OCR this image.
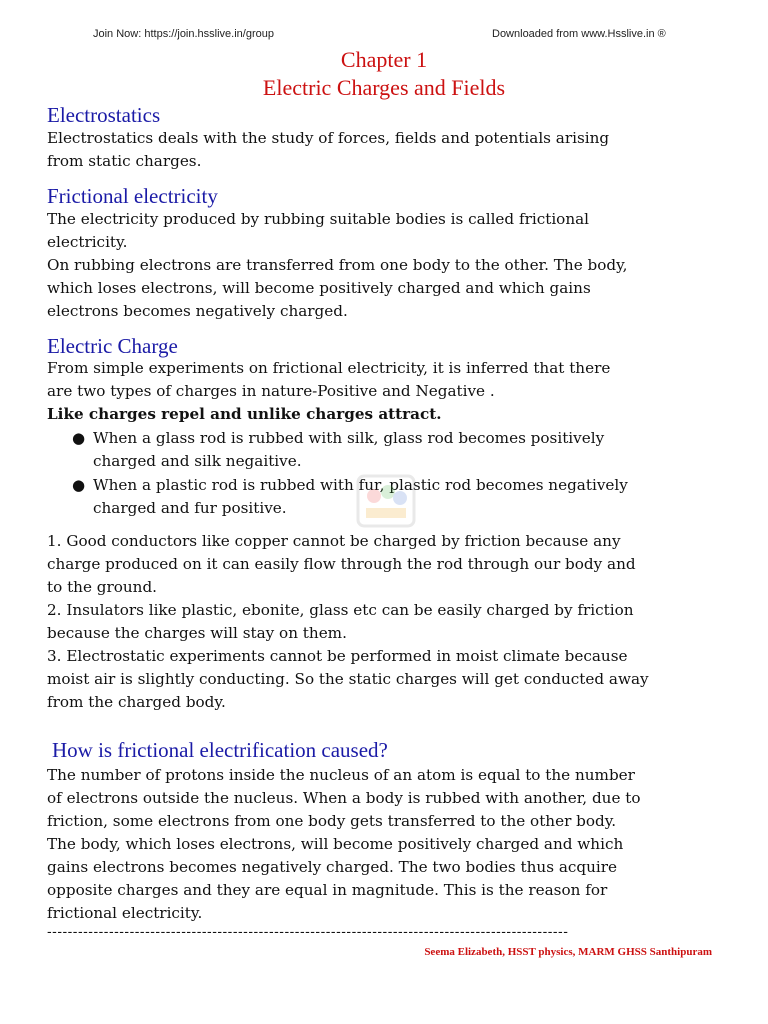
Join Now: https://join.hsslive.in/group	Downloaded from www.Hsslive.in ®
Chapter 1
Electric Charges and Fields
Electrostatics
Electrostatics deals with the study of forces, fields and potentials arising
from static charges.
Frictional electricity
The electricity produced by rubbing suitable bodies is called frictional
electricity.
On rubbing electrons are transferred from one body to the other. The body,
which loses electrons, will become positively charged and which gains
electrons becomes negatively charged.
Electric Charge
From simple experiments on frictional electricity, it is inferred that there
are two types of charges in nature-Positive and Negative .
Like charges repel and unlike charges attract.
● When a glass rod is rubbed with silk, glass rod becomes positively
charged and silk negaitive.
● When a plastic rod is rubbed with fur, plastic rod becomes negatively
charged and fur positive.
1. Good conductors like copper cannot be charged by friction because any
charge produced on it can easily flow through the rod through our body and
to the ground.
2. Insulators like plastic, ebonite, glass etc can be easily charged by friction
because the charges will stay on them.
3. Electrostatic experiments cannot be performed in moist climate because
moist air is slightly conducting. So the static charges will get conducted away
from the charged body.
How is frictional electrification caused?
The number of protons inside the nucleus of an atom is equal to the number
of electrons outside the nucleus. When a body is rubbed with another, due to
friction, some electrons from one body gets transferred to the other body.
The body, which loses electrons, will become positively charged and which
gains electrons becomes negatively charged. The two bodies thus acquire
opposite charges and they are equal in magnitude. This is the reason for
frictional electricity.
-----------------------------------------------------------------------------------------------------
Seema Elizabeth, HSST physics, MARM GHSS Santhipuram
